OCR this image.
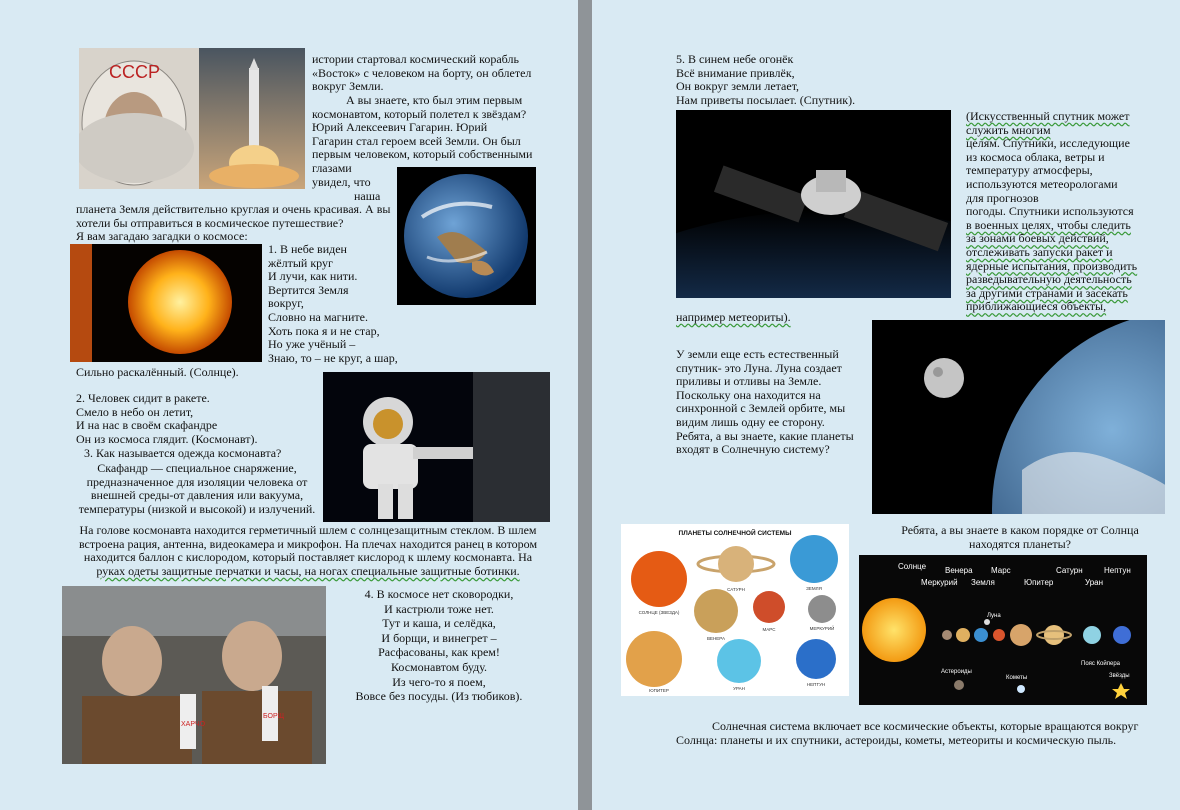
СССР
истории стартовал космический корабль
«Восток» с человеком на борту, он облетел
вокруг Земли.
А вы знаете, кто был этим первым
космонавтом, который полетел к звёздам?
Юрий Алексеевич Гагарин. Юрий
Гагарин стал героем всей Земли. Он был
первым человеком, который собственными
глазами
увидел, что
наша
планета Земля действительно круглая и очень красивая. А вы
хотели бы отправиться в космическое путешествие?
Я вам загадаю загадки о космосе:
1. В небе виден
жёлтый круг
И лучи, как нити.
Вертится Земля
вокруг,
Словно на магните.
Хоть пока я и не стар,
Но уже учёный –
Знаю, то – не круг, а шар,
Сильно раскалённый. (Солнце).
2. Человек сидит в ракете.
Смело в небо он летит,
И на нас в своём скафандре
Он из космоса глядит. (Космонавт).
3. Как называется одежда космонавта?
Скафандр — специальное снаряжение,
предназначенное для изоляции человека от
внешней среды-от давления или вакуума,
температуры (низкой и высокой) и излучений.
На голове космонавта находится герметичный шлем с солнцезащитным стеклом. В шлем
встроена рация, антенна, видеокамера и микрофон. На плечах находится ранец в котором
находится баллон с кислородом, который поставляет кислород к шлему космонавта. На
руках одеты защитные перчатки и часы, на ногах специальные защитные ботинки.
ХАРЧО
БОРЩ
4. В космосе нет сковородки,
И кастрюли тоже нет.
Тут и каша, и селёдка,
И борщи, и винегрет –
Расфасованы, как крем!
Космонавтом буду.
Из чего-то я поем,
Вовсе без посуды. (Из тюбиков).
5. В синем небе огонёк
Всё внимание привлёк,
Он вокруг земли летает,
Нам приветы посылает. (Спутник).
(Искусственный спутник может
служить многим
целям. Спутники, исследующие
из космоса облака, ветры и
температуру атмосферы,
используются метеорологами
для прогнозов
погоды. Спутники используются
в военных целях, чтобы следить
за зонами боевых действий,
отслеживать запуски ракет и
ядерные испытания, производить
разведывательную деятельность
за другими странами и засекать
приближающиеся объекты,
например метеориты).
У земли еще есть естественный
спутник- это Луна. Луна создает
приливы и отливы на Земле.
Поскольку она находится на
синхронной с Землей орбите, мы
видим лишь одну ее сторону.
Ребята, а вы знаете, какие планеты
входят в Солнечную систему?
ПЛАНЕТЫ СОЛНЕЧНОЙ СИСТЕМЫ
СОЛНЦЕ (ЗВЕЗДА)
САТУРН	ЗЕМЛЯ
ВЕНЕРА
МАРС	МЕРКУРИЙ
ЮПИТЕР	УРАН
НЕПТУН
Ребята, а вы знаете в каком порядке от Солнца
находятся планеты?
Солнце Венера Марс	Сатурн	Нептун
Меркурий Земля	Юпитер	Уран
Луна
Астероиды
Кометы
Пояс Койпера
Звёзды
Солнечная система включает все космические объекты, которые вращаются вокруг
Солнца: планеты и их спутники, астероиды, кометы, метеориты и космическую пыль.
